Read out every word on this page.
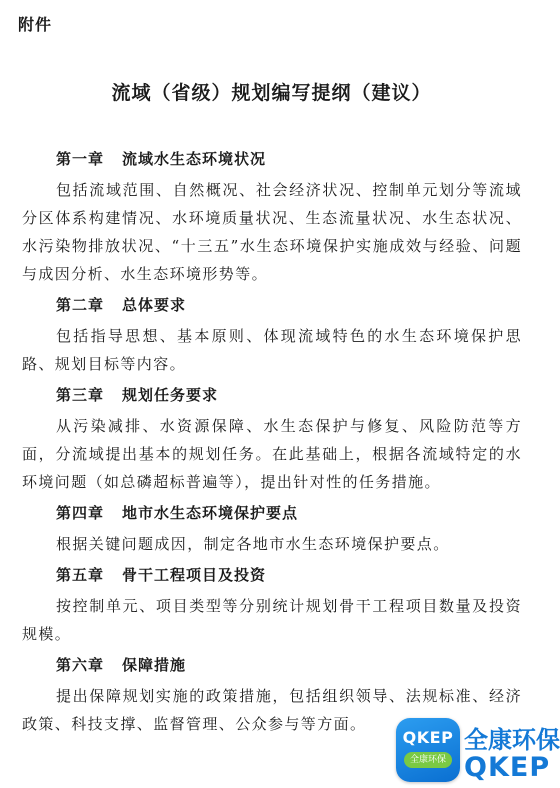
附件
流域（省级）规划编写提纲（建议）
第一章 流域水生态环境状况

包括流域范围、自然概况、社会经济状况、控制单元划分等流域分区体系构建情况、水环境质量状况、生态流量状况、水生态状况、水污染物排放状况、“十三五”水生态环境保护实施成效与经验、问题与成因分析、水生态环境形势等。

第二章 总体要求

包括指导思想、基本原则、体现流域特色的水生态环境保护思路、规划目标等内容。

第三章 规划任务要求

从污染减排、水资源保障、水生态保护与修复、风险防范等方面，分流域提出基本的规划任务。在此基础上，根据各流域特定的水环境问题（如总磷超标普遍等），提出针对性的任务措施。

第四章 地市水生态环境保护要点

根据关键问题成因，制定各地市水生态环境保护要点。

第五章 骨干工程项目及投资

按控制单元、项目类型等分别统计规划骨干工程项目数量及投资规模。

第六章 保障措施

提出保障规划实施的政策措施，包括组织领导、法规标准、经济政策、科技支撑、监督管理、公众参与等方面。

QKEP
全康环保
全康环保
QKEP
